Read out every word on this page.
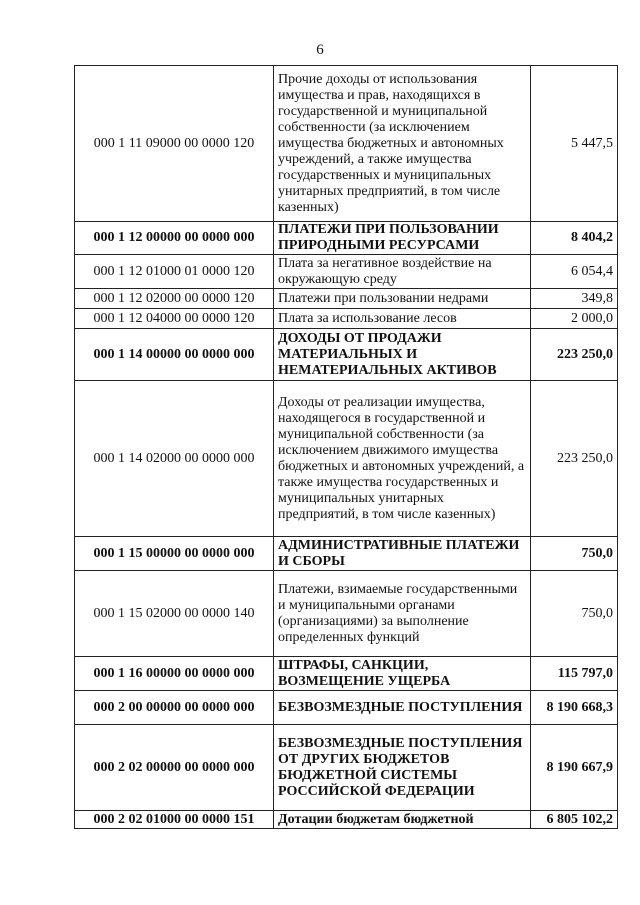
6
000 1 11 09000 00 0000 120	Прочие доходы от использования имущества и прав, находящихся в государственной и муниципальной собственности (за исключением имущества бюджетных и автономных учреждений, а также имущества государственных и муниципальных унитарных предприятий, в том числе казенных)	5 447,5
000 1 12 00000 00 0000 000	ПЛАТЕЖИ ПРИ ПОЛЬЗОВАНИИ ПРИРОДНЫМИ РЕСУРСАМИ	8 404,2
000 1 12 01000 01 0000 120	Плата за негативное воздействие на окружающую среду	6 054,4
000 1 12 02000 00 0000 120	Платежи при пользовании недрами	349,8
000 1 12 04000 00 0000 120	Плата за использование лесов	2 000,0
000 1 14 00000 00 0000 000	ДОХОДЫ ОТ ПРОДАЖИ МАТЕРИАЛЬНЫХ И НЕМАТЕРИАЛЬНЫХ АКТИВОВ	223 250,0
000 1 14 02000 00 0000 000	Доходы от реализации имущества, находящегося в государственной и муниципальной собственности (за исключением движимого имущества бюджетных и автономных учреждений, а также имущества государственных и муниципальных унитарных предприятий, в том числе казенных)	223 250,0
000 1 15 00000 00 0000 000	АДМИНИСТРАТИВНЫЕ ПЛАТЕЖИ И СБОРЫ	750,0
000 1 15 02000 00 0000 140	Платежи, взимаемые государственными и муниципальными органами (организациями) за выполнение определенных функций	750,0
000 1 16 00000 00 0000 000	ШТРАФЫ, САНКЦИИ, ВОЗМЕЩЕНИЕ УЩЕРБА	115 797,0
000 2 00 00000 00 0000 000	БЕЗВОЗМЕЗДНЫЕ ПОСТУПЛЕНИЯ	8 190 668,3
000 2 02 00000 00 0000 000	БЕЗВОЗМЕЗДНЫЕ ПОСТУПЛЕНИЯ ОТ ДРУГИХ БЮДЖЕТОВ БЮДЖЕТНОЙ СИСТЕМЫ РОССИЙСКОЙ ФЕДЕРАЦИИ	8 190 667,9
000 2 02 01000 00 0000 151	Дотации бюджетам бюджетной	6 805 102,2
